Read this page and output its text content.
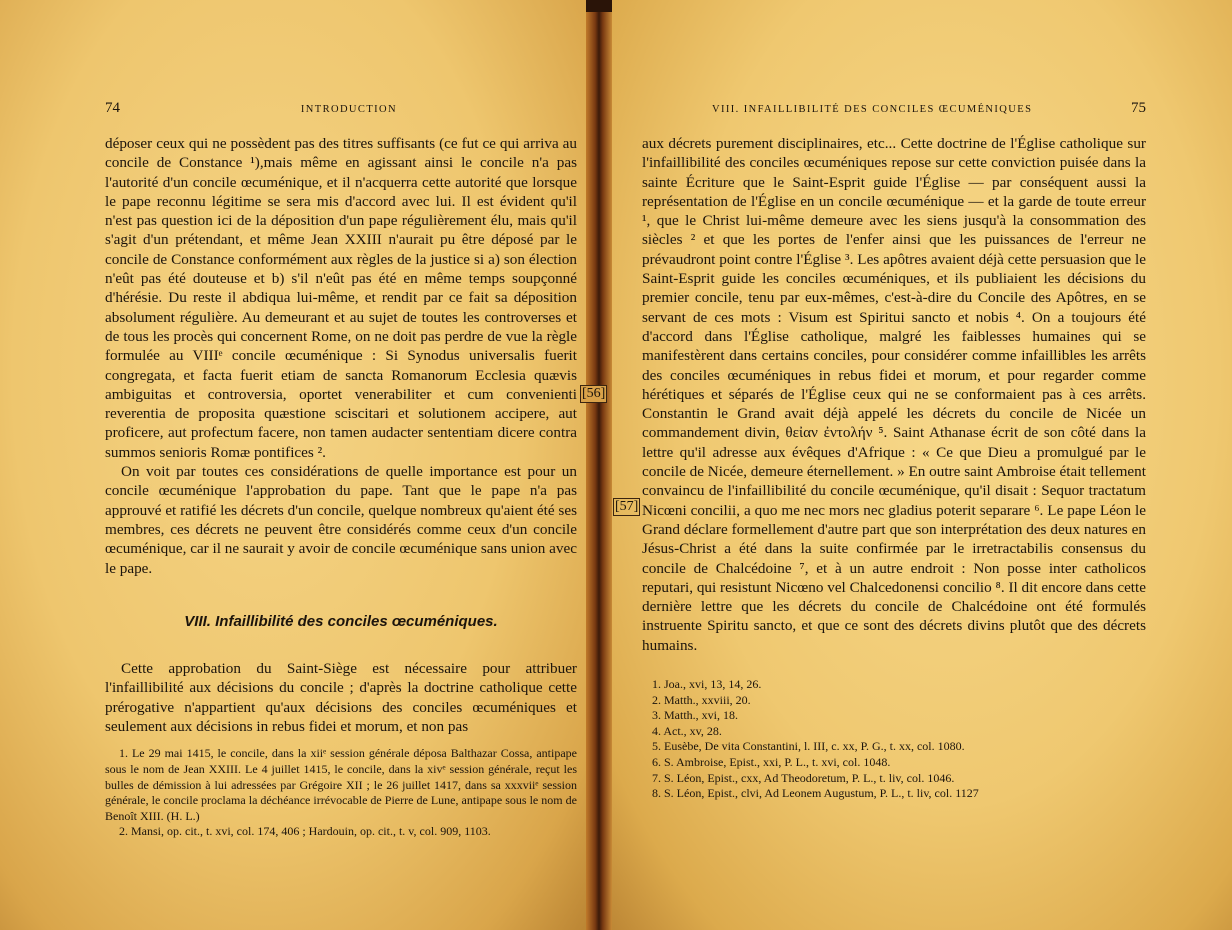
74	INTRODUCTION

déposer ceux qui ne possèdent pas des titres suffisants (ce fut ce qui arriva au concile de Constance ¹),mais même en agissant ainsi le concile n'a pas l'autorité d'un concile œcuménique, et il n'acquerra cette autorité que lorsque le pape reconnu légitime se sera mis d'accord avec lui. Il est évident qu'il n'est pas question ici de la déposition d'un pape régulièrement élu, mais qu'il s'agit d'un prétendant, et même Jean XXIII n'aurait pu être déposé par le concile de Constance conformément aux règles de la justice si a) son élection n'eût pas été douteuse et b) s'il n'eût pas été en même temps soupçonné d'hérésie. Du reste il abdiqua lui-même, et rendit par ce fait sa déposition absolument régulière. Au demeurant et au sujet de toutes les controverses et de tous les procès qui concernent Rome, on ne doit pas perdre de vue la règle formulée au VIIIᵉ concile œcuménique : Si Synodus universalis fuerit congregata, et facta fuerit etiam de sancta Romanorum Ecclesia quævis ambiguitas et controversia, oportet venerabiliter et cum convenienti reverentia de proposita quæstione sciscitari et solutionem accipere, aut proficere, aut profectum facere, non tamen audacter sententiam dicere contra summos senioris Romæ pontifices ².

On voit par toutes ces considérations de quelle importance est pour un concile œcuménique l'approbation du pape. Tant que le pape n'a pas approuvé et ratifié les décrets d'un concile, quelque nombreux qu'aient été ses membres, ces décrets ne peuvent être considérés comme ceux d'un concile œcuménique, car il ne saurait y avoir de concile œcuménique sans union avec le pape.

VIII. Infaillibilité des conciles œcuméniques.

Cette approbation du Saint-Siège est nécessaire pour attribuer l'infaillibilité aux décisions du concile ; d'après la doctrine catholique cette prérogative n'appartient qu'aux décisions des conciles œcuméniques et seulement aux décisions in rebus fidei et morum, et non pas

1. Le 29 mai 1415, le concile, dans la xiiᵉ session générale déposa Balthazar Cossa, antipape sous le nom de Jean XXIII. Le 4 juillet 1415, le concile, dans la xivᵉ session générale, reçut les bulles de démission à lui adressées par Grégoire XII ; le 26 juillet 1417, dans sa xxxviiᵉ session générale, le concile proclama la déchéance irrévocable de Pierre de Lune, antipape sous le nom de Benoît XIII. (H. L.)

2. Mansi, op. cit., t. xvi, col. 174, 406 ; Hardouin, op. cit., t. v, col. 909, 1103.

VIII. INFAILLIBILITÉ DES CONCILES ŒCUMÉNIQUES	75

aux décrets purement disciplinaires, etc... Cette doctrine de l'Église catholique sur l'infaillibilité des conciles œcuméniques repose sur cette conviction puisée dans la sainte Écriture que le Saint-Esprit guide l'Église — par conséquent aussi la représentation de l'Église en un concile œcuménique — et la garde de toute erreur ¹, que le Christ lui-même demeure avec les siens jusqu'à la consommation des siècles ² et que les portes de l'enfer ainsi que les puissances de l'erreur ne prévaudront point contre l'Église ³. Les apôtres avaient déjà cette persuasion que le Saint-Esprit guide les conciles œcuméniques, et ils publiaient les décisions du premier concile, tenu par eux-mêmes, c'est-à-dire du Concile des Apôtres, en se servant de ces mots : Visum est Spiritui sancto et nobis ⁴. On a toujours été d'accord dans l'Église catholique, malgré les faiblesses humaines qui se manifestèrent dans certains conciles, pour considérer comme infaillibles les arrêts des conciles œcuméniques in rebus fidei et morum, et pour regarder comme hérétiques et séparés de l'Église ceux qui ne se conformaient pas à ces arrêts. Constantin le Grand avait déjà appelé les décrets du concile de Nicée un commandement divin, θεἰαν ἐντολήν ⁵. Saint Athanase écrit de son côté dans la lettre qu'il adresse aux évêques d'Afrique : « Ce que Dieu a promulgué par le concile de Nicée, demeure éternellement. » En outre saint Ambroise était tellement convaincu de l'infaillibilité du concile œcuménique, qu'il disait : Sequor tractatum Nicœni concilii, a quo me nec mors nec gladius poterit separare ⁶. Le pape Léon le Grand déclare formellement d'autre part que son interprétation des deux natures en Jésus-Christ a été dans la suite confirmée par le irretractabilis consensus du concile de Chalcédoine ⁷, et à un autre endroit : Non posse inter catholicos reputari, qui resistunt Nicœno vel Chalcedonensi concilio ⁸. Il dit encore dans cette dernière lettre que les décrets du concile de Chalcédoine ont été formulés instruente Spiritu sancto, et que ce sont des décrets divins plutôt que des décrets humains.

1. Joa., xvi, 13, 14, 26.

2. Matth., xxviii, 20.

3. Matth., xvi, 18.

4. Act., xv, 28.

5. Eusèbe, De vita Constantini, l. III, c. xx, P. G., t. xx, col. 1080.

6. S. Ambroise, Epist., xxi, P. L., t. xvi, col. 1048.

7. S. Léon, Epist., cxx, Ad Theodoretum, P. L., t. liv, col. 1046.

8. S. Léon, Epist., clvi, Ad Leonem Augustum, P. L., t. liv, col. 1127

[56]
[57]
